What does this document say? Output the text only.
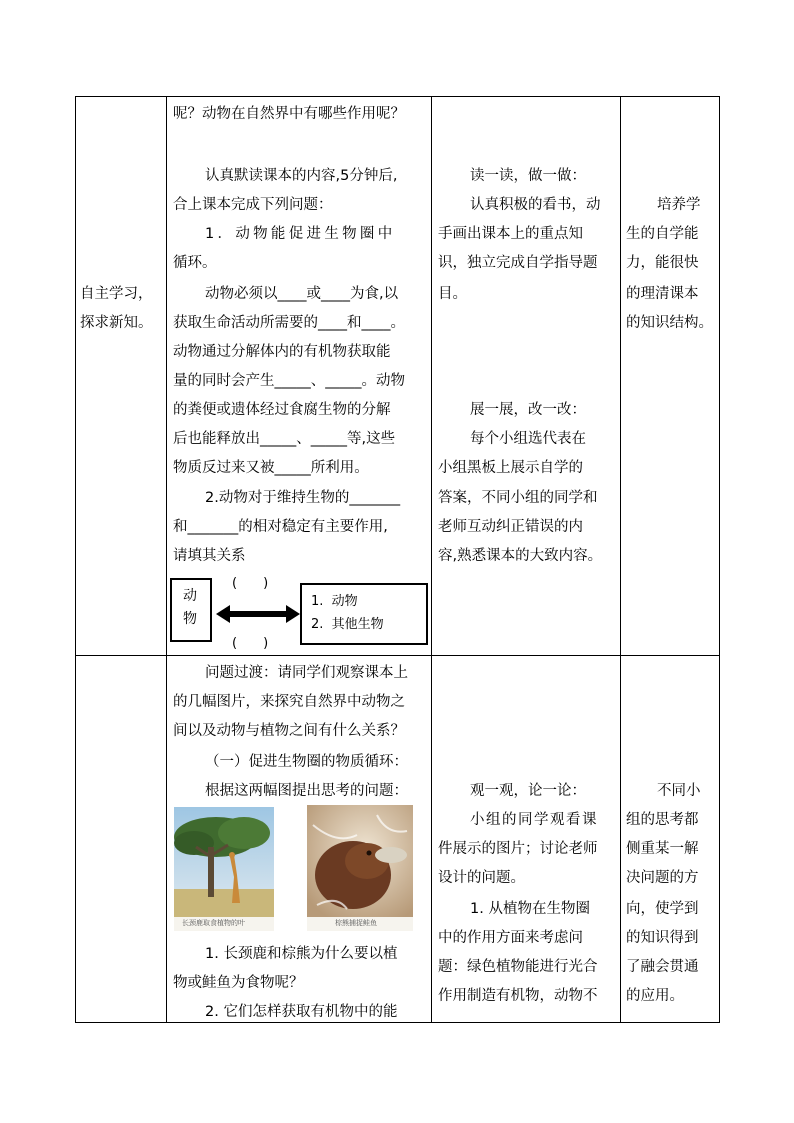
自主学习，
探求新知。
呢？动物在自然界中有哪些作用呢？
认真默读课本的内容,5分钟后,
合上课本完成下列问题：
1．动物能促进生物圈中
循环。
动物必须以____或____为食,以
获取生命活动所需要的____和____。
动物通过分解体内的有机物获取能
量的同时会产生_____、_____。动物
的粪便或遗体经过食腐生物的分解
后也能释放出_____、_____等,这些
物质反过来又被_____所利用。
2.动物对于维持生物的_______
和_______的相对稳定有主要作用,
请填其关系
动
物
(　　)
(　　)
1.  动物
2.  其他生物
读一读，做一做：
认真积极的看书，动
手画出课本上的重点知
识，独立完成自学指导题
目。
展一展，改一改：
每个小组选代表在
小组黑板上展示自学的
答案，不同小组的同学和
老师互动纠正错误的内
容,熟悉课本的大致内容。
培养学
生的自学能
力，能很快
的理清课本
的知识结构。
问题过渡：请同学们观察课本上
的几幅图片，来探究自然界中动物之
间以及动物与植物之间有什么关系？
（一）促进生物圈的物质循环：
根据这两幅图提出思考的问题：
长颈鹿取食植物的叶	棕熊捕捉鲑鱼
1. 长颈鹿和棕熊为什么要以植
物或鲑鱼为食物呢？
2. 它们怎样获取有机物中的能
观一观，论一论：
小组的同学观看课
件展示的图片；讨论老师
设计的问题。
1. 从植物在生物圈
中的作用方面来考虑问
题：绿色植物能进行光合
作用制造有机物，动物不
不同小
组的思考都
侧重某一解
决问题的方
向，使学到
的知识得到
了融会贯通
的应用。
